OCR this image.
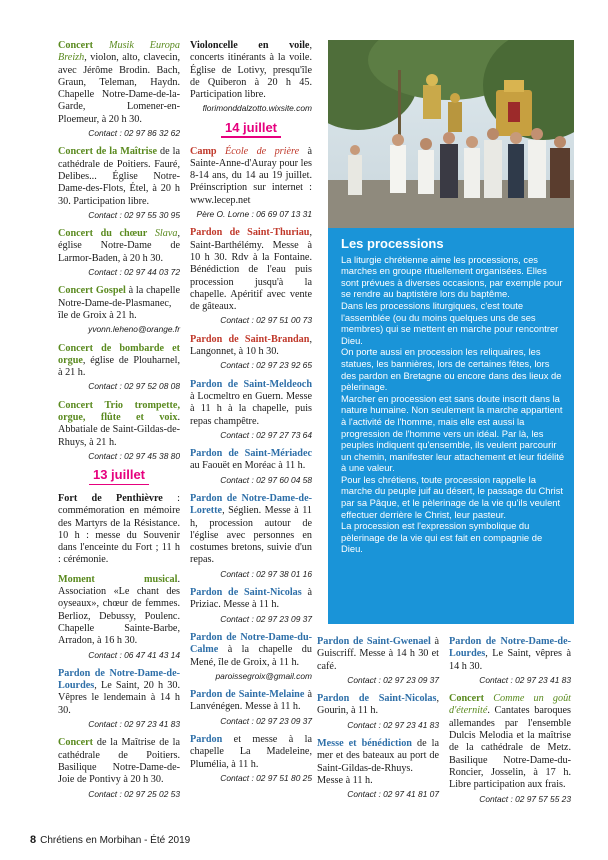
Concert Musik Europa Breizh, violon, alto, clavecin, avec Jérôme Brodin. Bach, Graun, Teleman, Haydn. Chapelle Notre-Dame-de-la-Garde, Lomener-en-Ploemeur, à 20 h 30.
Contact : 02 97 86 32 62
Concert de la Maîtrise de la cathédrale de Poitiers. Fauré, Delibes... Église Notre-Dame-des-Flots, Étel, à 20 h 30. Participation libre.
Contact : 02 97 55 30 95
Concert du chœur Slava, église Notre-Dame de Larmor-Baden, à 20 h 30.
Contact : 02 97 44 03 72
Concert Gospel à la chapelle Notre-Dame-de-Plasmanec, île de Groix à 21 h.
yvonn.leheno@orange.fr
Concert de bombarde et orgue, église de Plouharnel, à 21 h.
Contact : 02 97 52 08 08
Concert Trio trompette, orgue, flûte et voix. Abbatiale de Saint-Gildas-de-Rhuys, à 21 h.
Contact : 02 97 45 38 80
13 juillet
Fort de Penthièvre : commémoration en mémoire des Martyrs de la Résistance. 10 h : messe du Souvenir dans l'enceinte du Fort ; 11 h : cérémonie.
Moment musical. Association «Le chant des oyseaux», chœur de femmes. Berlioz, Debussy, Poulenc. Chapelle Sainte-Barbe, Arradon, à 16 h 30.
Contact : 06 47 41 43 14
Pardon de Notre-Dame-de-Lourdes, Le Saint, 20 h 30. Vêpres le lendemain à 14 h 30.
Contact : 02 97 23 41 83
Concert de la Maîtrise de la cathédrale de Poitiers. Basilique Notre-Dame-de-Joie de Pontivy à 20 h 30.
Contact : 02 97 25 02 53
Violoncelle en voile, concerts itinérants à la voile. Église de Lotivy, presqu'île de Quiberon à 20 h 45. Participation libre.
florimonddalzotto.wixsite.com
14 juillet
Camp École de prière à Sainte-Anne-d'Auray pour les 8-14 ans, du 14 au 19 juillet. Préinscription sur internet : www.lecep.net
Père O. Lorne : 06 69 07 13 31
Pardon de Saint-Thuriau, Saint-Barthélémy. Messe à 10 h 30. Rdv à la Fontaine. Bénédiction de l'eau puis procession jusqu'à la chapelle. Apéritif avec vente de gâteaux.
Contact : 02 97 51 00 73
Pardon de Saint-Brandan, Langonnet, à 10 h 30.
Contact : 02 97 23 92 65
Pardon de Saint-Meldeoch à Locmeltro en Guern. Messe à 11 h à la chapelle, puis repas champêtre.
Contact : 02 97 27 73 64
Pardon de Saint-Mériadec au Faouët en Moréac à 11 h.
Contact : 02 97 60 04 58
Pardon de Notre-Dame-de-Lorette, Séglien. Messe à 11 h, procession autour de l'église avec personnes en costumes bretons, suivie d'un repas.
Contact : 02 97 38 01 16
Pardon de Saint-Nicolas à Priziac. Messe à 11 h.
Contact : 02 97 23 09 37
Pardon de Notre-Dame-du-Calme à la chapelle du Mené, île de Groix, à 11 h.
paroissegroix@gmail.com
Pardon de Sainte-Melaine à Lanvénégen. Messe à 11 h.
Contact : 02 97 23 09 37
Pardon et messe à la chapelle La Madeleine, Plumélia, à 11 h.
Contact : 02 97 51 80 25
Les processions

La liturgie chrétienne aime les processions, ces marches en groupe rituellement organisées. Elles sont prévues à diverses occasions, par exemple pour se rendre au baptistère lors du baptême.

Dans les processions liturgiques, c'est toute l'assemblée (ou du moins quelques uns de ses membres) qui se mettent en marche pour rencontrer Dieu.

On porte aussi en procession les reliquaires, les statues, les bannières, lors de certaines fêtes, lors des pardon en Bretagne ou encore dans des lieux de pèlerinage.

Marcher en procession est sans doute inscrit dans la nature humaine. Non seulement la marche appartient à l'activité de l'homme, mais elle est aussi la progression de l'homme vers un idéal. Par là, les peuples indiquent qu'ensemble, ils veulent parcourir un chemin, manifester leur attachement et leur fidélité à une valeur.

Pour les chrétiens, toute procession rappelle la marche du peuple juif au désert, le passage du Christ par sa Pâque, et le pèlerinage de la vie qu'ils veulent effectuer derrière le Christ, leur pasteur.

La procession est l'expression symbolique du pèlerinage de la vie qui est fait en compagnie de Dieu.

Pardon de Saint-Gwenael à Guiscriff. Messe à 14 h 30 et café.
Contact : 02 97 23 09 37
Pardon de Saint-Nicolas, Gourin, à 11 h.
Contact : 02 97 23 41 83
Messe et bénédiction de la mer et des bateaux au port de Saint-Gildas-de-Rhuys. Messe à 11 h.
Contact : 02 97 41 81 07
Pardon de Notre-Dame-de-Lourdes, Le Saint, vêpres à 14 h 30.
Contact : 02 97 23 41 83
Concert Comme un goût d'éternité. Cantates baroques allemandes par l'ensemble Dulcis Melodia et la maîtrise de la cathédrale de Metz. Basilique Notre-Dame-du-Roncier, Josselin, à 17 h. Libre participation aux frais.
Contact : 02 97 57 55 23
8 Chrétiens en Morbihan - Été 2019
